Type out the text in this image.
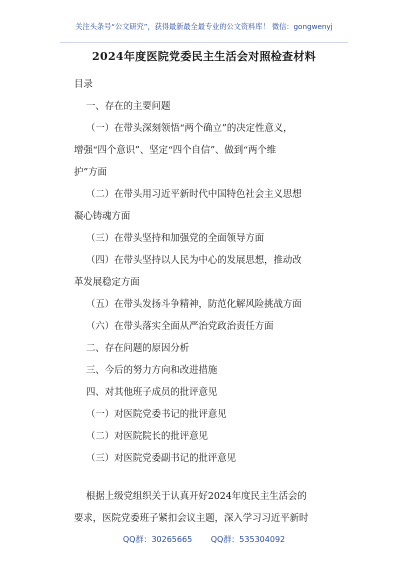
关注头条号“公文研究”，获得最新最全最专业的公文资料库！ 微信：gongwenyj
2024年度医院党委民主生活会对照检查材料
目录
一、存在的主要问题
（一）在带头深刻领悟“两个确立”的决定性意义，
增强“四个意识”、坚定“四个自信”、做到“两个维
护”方面
（二）在带头用习近平新时代中国特色社会主义思想
凝心铸魂方面
（三）在带头坚持和加强党的全面领导方面
（四）在带头坚持以人民为中心的发展思想，推动改
革发展稳定方面
（五）在带头发扬斗争精神，防范化解风险挑战方面
（六）在带头落实全面从严治党政治责任方面
二、存在问题的原因分析
三、今后的努力方向和改进措施
四、对其他班子成员的批评意见
（一）对医院党委书记的批评意见
（二）对医院院长的批评意见
（三）对医院党委副书记的批评意见
根据上级党组织关于认真开好2024年度民主生活会的
要求，医院党委班子紧扣会议主题，深入学习习近平新时
QQ群：30265665 QQ群：535304092
